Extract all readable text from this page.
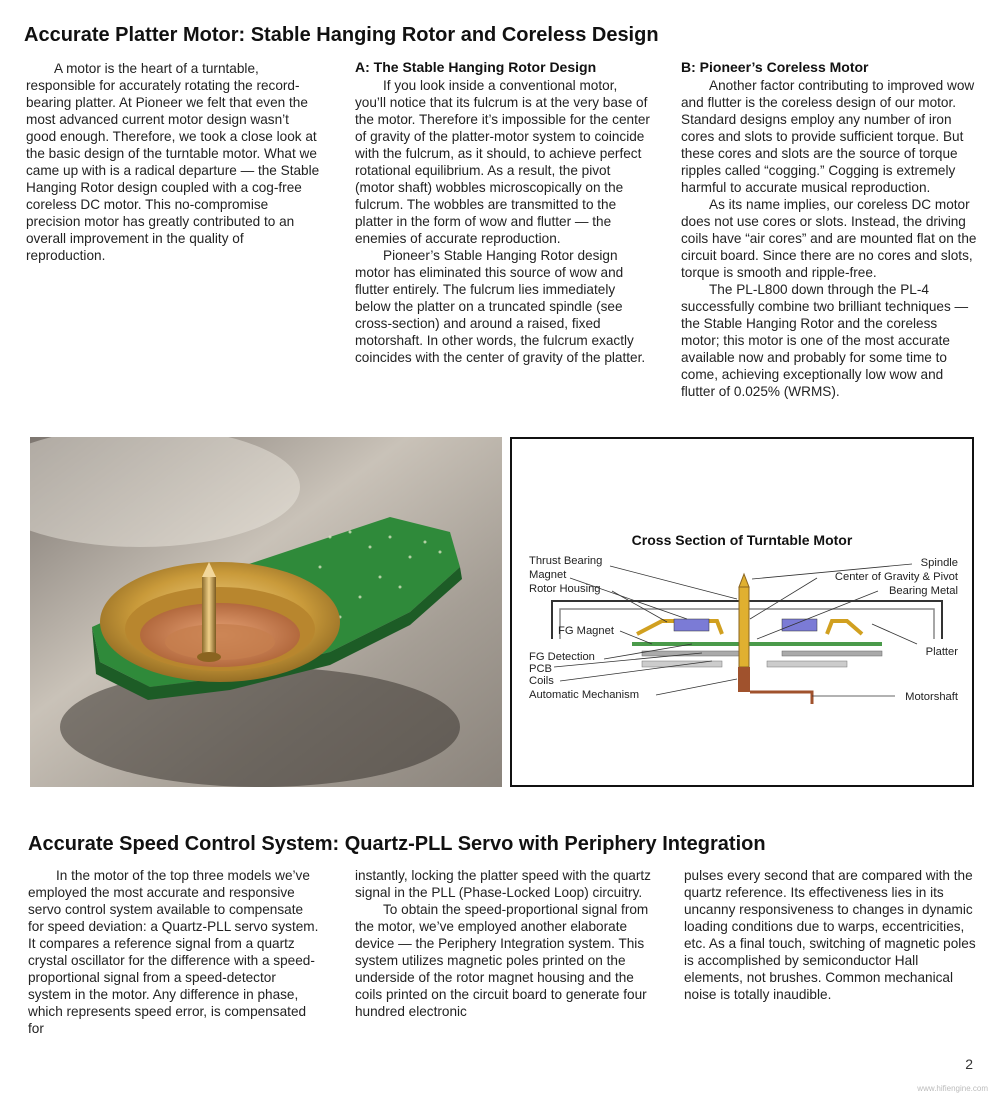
Accurate Platter Motor: Stable Hanging Rotor and Coreless Design

A motor is the heart of a turntable, responsible for accurately rotating the record-bearing platter. At Pioneer we felt that even the most advanced current motor design wasn’t good enough. Therefore, we took a close look at the basic design of the turntable motor. What we came up with is a radical departure — the Stable Hanging Rotor design coupled with a cog-free coreless DC motor. This no-compromise precision motor has greatly contributed to an overall improvement in the quality of reproduction.

A: The Stable Hanging Rotor Design

If you look inside a conventional motor, you’ll notice that its fulcrum is at the very base of the motor. Therefore it’s impossible for the center of gravity of the platter-motor system to coincide with the fulcrum, as it should, to achieve perfect rotational equilibrium. As a result, the pivot (motor shaft) wobbles microscopically on the fulcrum. The wobbles are transmitted to the platter in the form of wow and flutter — the enemies of accurate reproduction.

Pioneer’s Stable Hanging Rotor design motor has eliminated this source of wow and flutter entirely. The fulcrum lies immediately below the platter on a truncated spindle (see cross-section) and around a raised, fixed motorshaft. In other words, the fulcrum exactly coincides with the center of gravity of the platter.

B: Pioneer’s Coreless Motor

Another factor contributing to improved wow and flutter is the coreless design of our motor. Standard designs employ any number of iron cores and slots to provide sufficient torque. But these cores and slots are the source of torque ripples called “cogging.” Cogging is extremely harmful to accurate musical reproduction.

As its name implies, our coreless DC motor does not use cores or slots. Instead, the driving coils have “air cores” and are mounted flat on the circuit board. Since there are no cores and slots, torque is smooth and ripple-free.

The PL-L800 down through the PL-4 successfully combine two brilliant techniques — the Stable Hanging Rotor and the coreless motor; this motor is one of the most accurate available now and probably for some time to come, achieving exceptionally low wow and flutter of 0.025% (WRMS).

Cross Section of Turntable Motor
Thrust Bearing
Magnet
Rotor Housing
FG Magnet
FG Detection
PCB
Coils
Automatic Mechanism
Spindle
Center of Gravity & Pivot
Bearing Metal
Platter
Motorshaft
Accurate Speed Control System: Quartz-PLL Servo with Periphery Integration

In the motor of the top three models we’ve employed the most accurate and responsive servo control system available to compensate for speed deviation: a Quartz-PLL servo system. It compares a reference signal from a quartz crystal oscillator for the difference with a speed-proportional signal from a speed-detector system in the motor. Any difference in phase, which represents speed error, is compensated for

instantly, locking the platter speed with the quartz signal in the PLL (Phase-Locked Loop) circuitry.

To obtain the speed-proportional signal from the motor, we’ve employed another elaborate device — the Periphery Integration system. This system utilizes magnetic poles printed on the underside of the rotor magnet housing and the coils printed on the circuit board to generate four hundred electronic

pulses every second that are compared with the quartz reference. Its effectiveness lies in its uncanny responsiveness to changes in dynamic loading conditions due to warps, eccentricities, etc. As a final touch, switching of magnetic poles is accomplished by semiconductor Hall elements, not brushes. Common mechanical noise is totally inaudible.

2
www.hifiengine.com
